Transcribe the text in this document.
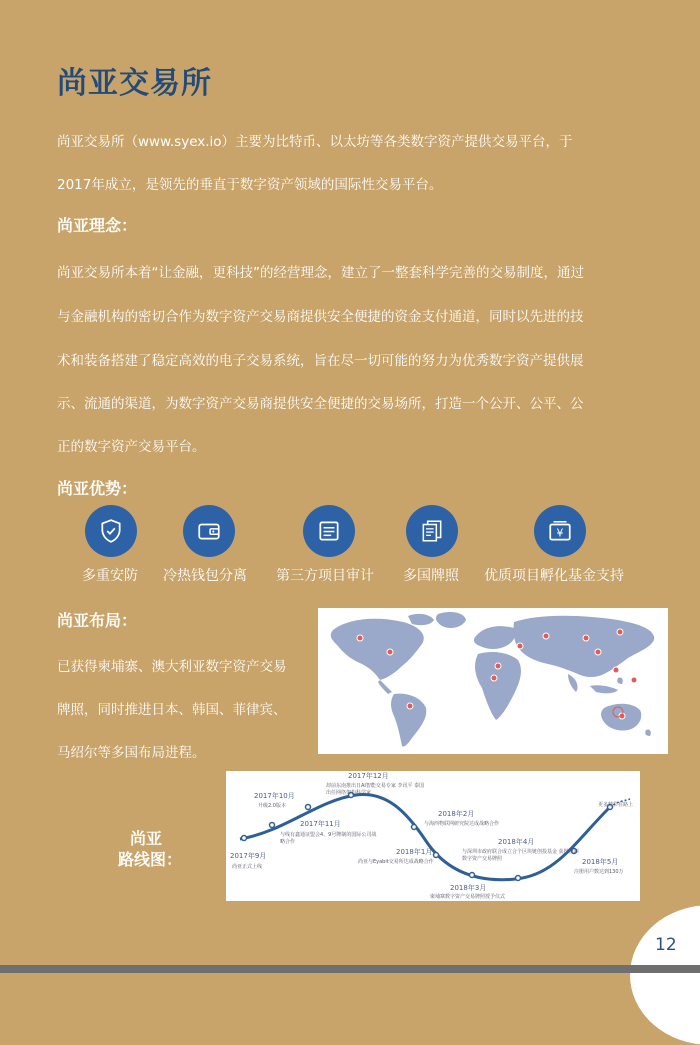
12
尚亚交易所

尚亚交易所（www.syex.io）主要为比特币、以太坊等各类数字资产提供交易平台，于

2017年成立，是领先的垂直于数字资产领域的国际性交易平台。

尚亚理念：

尚亚交易所本着“让金融，更科技”的经营理念，建立了一整套科学完善的交易制度，通过

与金融机构的密切合作为数字资产交易商提供安全便捷的资金支付通道，同时以先进的技

术和装备搭建了稳定高效的电子交易系统，旨在尽一切可能的努力为优秀数字资产提供展

示、流通的渠道，为数字资产交易商提供安全便捷的交易场所，打造一个公开、公平、公

正的数字资产交易平台。

尚亚优势：

¥
多重安防 冷热钱包分离 第三方项目审计 多国牌照 优质项目孵化基金支持

尚亚布局：

已获得柬埔寨、澳大利亚数字资产交易

牌照，同时推进日本、韩国、菲律宾、

马绍尔等多国布局进程。

尚亚
路线图：	2017年9月
尚亚正式上线
2017年10月
升级2.0版本
2017年11月
与线有鑫通证盟会4、9号牌制的国际公司战略合作
2017年12月
却前东南推出日AI智能交易专家 李讯平 泰国出任网络架构科学家
2018年1月
尚亚与Eyabit交易所达成战略合作
2018年2月
与海西物联网研究院达成战略合作
2018年3月
柬埔寨数字资产交易牌照授予仪式
2018年4月
与深圳市政府联合成立合个区块链创投基金 获得澳洲数字资产交易牌照	2018年5月
注册用户数达到130万
更多精彩在路上
